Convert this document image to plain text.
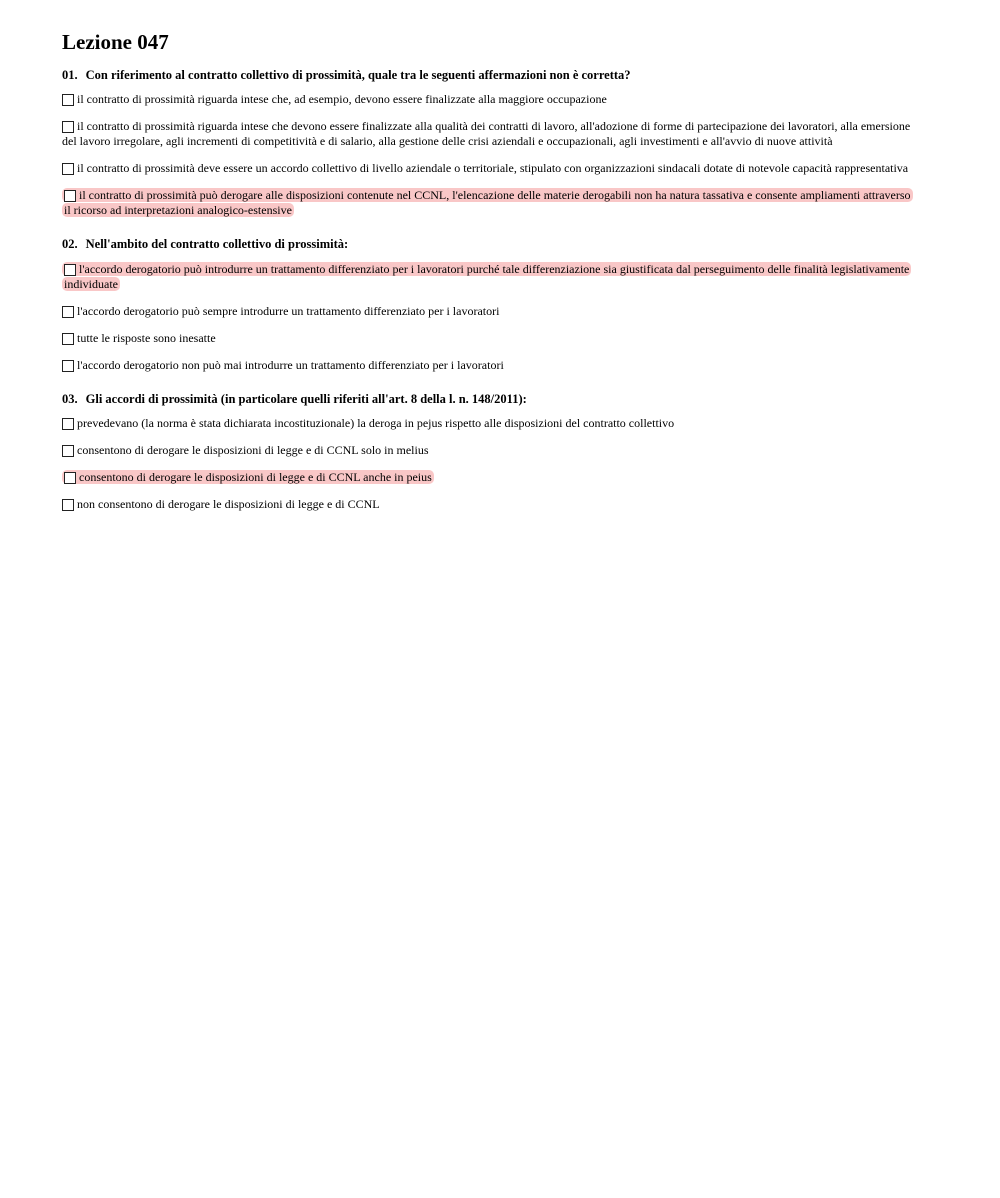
Lezione 047

01. Con riferimento al contratto collettivo di prossimità, quale tra le seguenti affermazioni non è corretta?

il contratto di prossimità riguarda intese che, ad esempio, devono essere finalizzate alla maggiore occupazione

il contratto di prossimità riguarda intese che devono essere finalizzate alla qualità dei contratti di lavoro, all'adozione di forme di partecipazione dei lavoratori, alla emersione del lavoro irregolare, agli incrementi di competitività e di salario, alla gestione delle crisi aziendali e occupazionali, agli investimenti e all'avvio di nuove attività

il contratto di prossimità deve essere un accordo collettivo di livello aziendale o territoriale, stipulato con organizzazioni sindacali dotate di notevole capacità rappresentativa

il contratto di prossimità può derogare alle disposizioni contenute nel CCNL, l'elencazione delle materie derogabili non ha natura tassativa e consente ampliamenti attraverso il ricorso ad interpretazioni analogico-estensive

02. Nell'ambito del contratto collettivo di prossimità:

l'accordo derogatorio può introdurre un trattamento differenziato per i lavoratori purché tale differenziazione sia giustificata dal perseguimento delle finalità legislativamente individuate

l'accordo derogatorio può sempre introdurre un trattamento differenziato per i lavoratori

tutte le risposte sono inesatte

l'accordo derogatorio non può mai introdurre un trattamento differenziato per i lavoratori

03. Gli accordi di prossimità (in particolare quelli riferiti all'art. 8 della l. n. 148/2011):

prevedevano (la norma è stata dichiarata incostituzionale) la deroga in pejus rispetto alle disposizioni del contratto collettivo

consentono di derogare le disposizioni di legge e di CCNL solo in melius

consentono di derogare le disposizioni di legge e di CCNL anche in peius

non consentono di derogare le disposizioni di legge e di CCNL
